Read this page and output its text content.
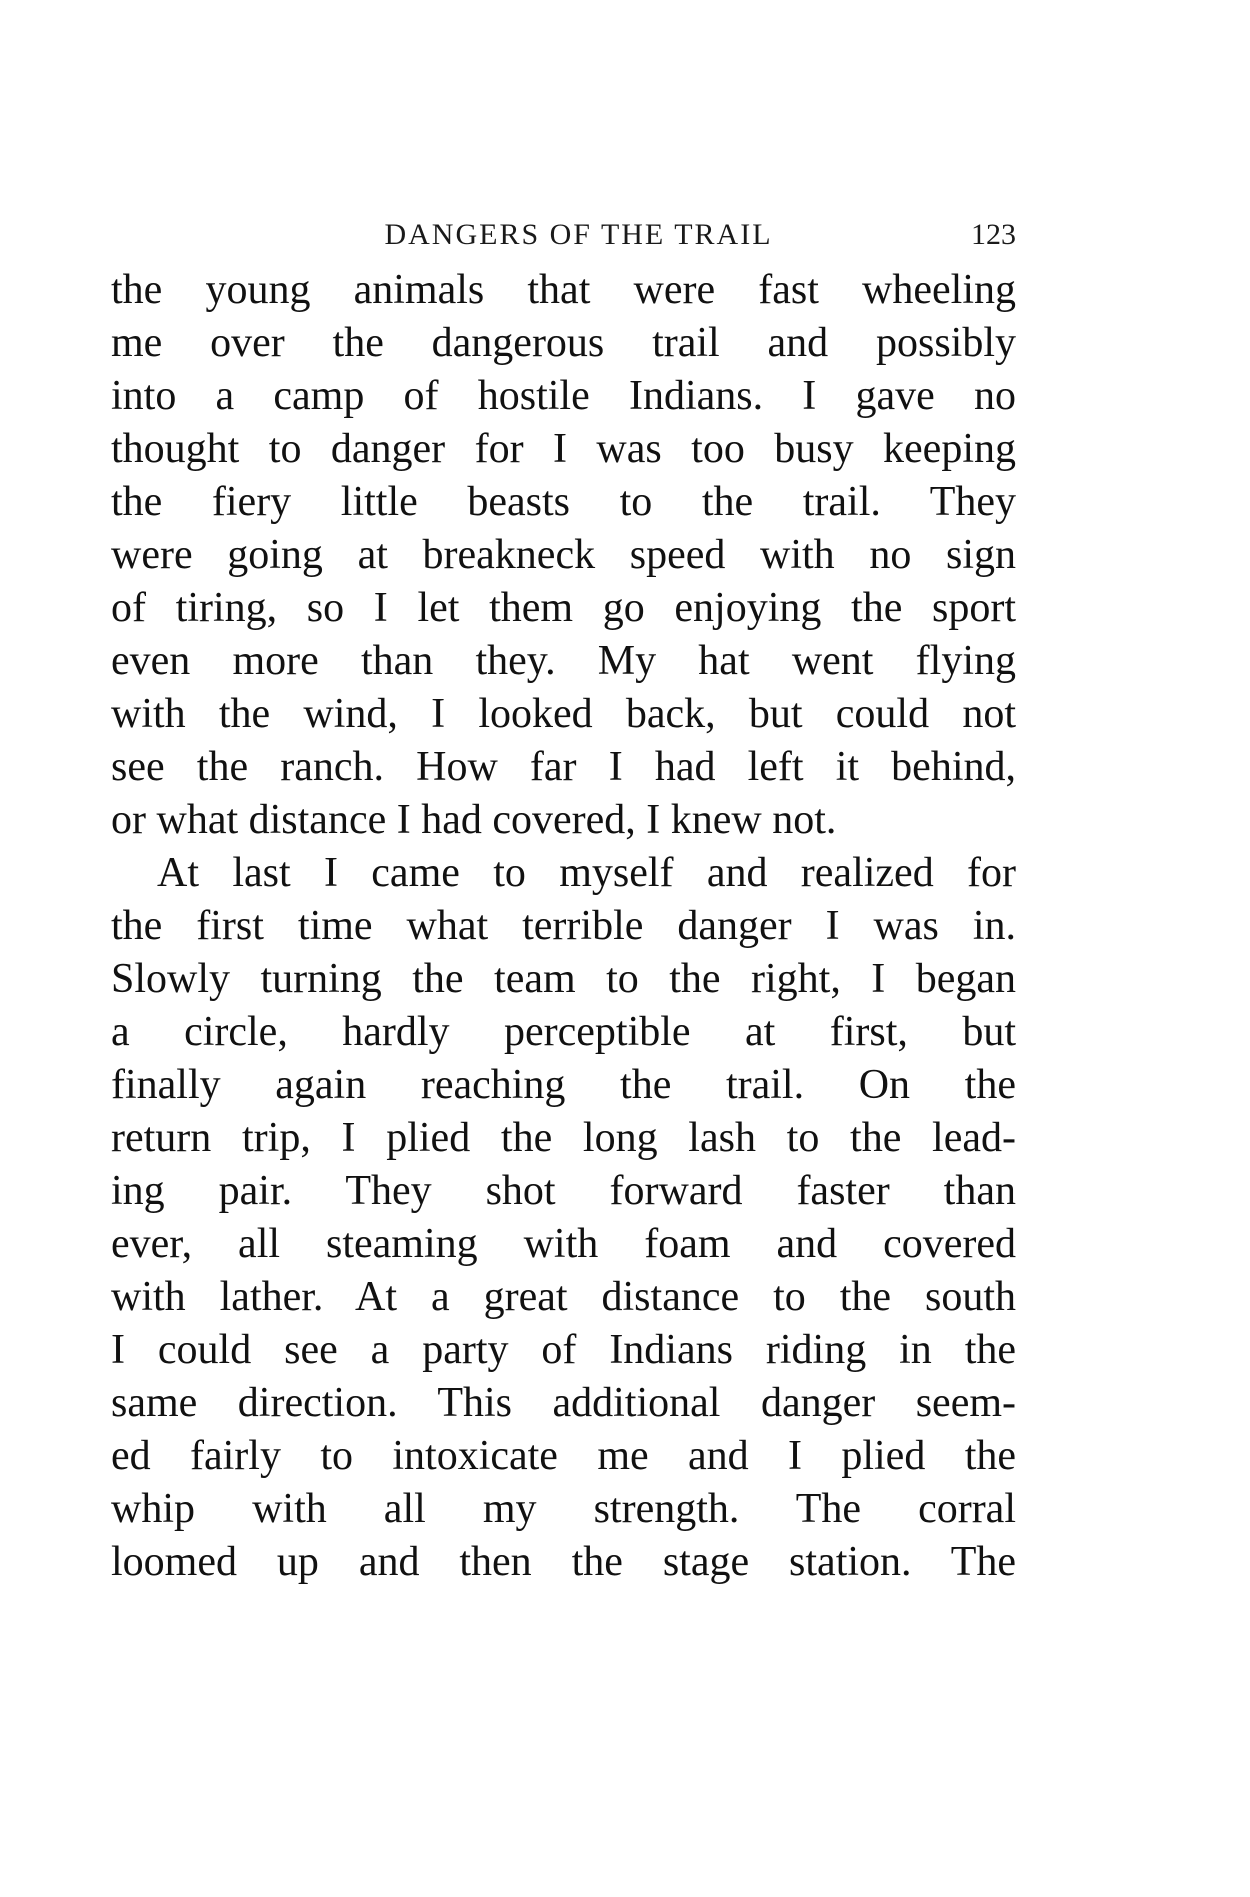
DANGERS OF THE TRAIL	123
the young animals that were fast wheeling
me over the dangerous trail and possibly
into a camp of hostile Indians. I gave no
thought to danger for I was too busy keeping
the fiery little beasts to the trail. They
were going at breakneck speed with no sign
of tiring, so I let them go enjoying the sport
even more than they. My hat went flying
with the wind, I looked back, but could not
see the ranch. How far I had left it behind,
or what distance I had covered, I knew not.
At last I came to myself and realized for
the first time what terrible danger I was in.
Slowly turning the team to the right, I began
a circle, hardly perceptible at first, but
finally again reaching the trail. On the
return trip, I plied the long lash to the lead-
ing pair. They shot forward faster than
ever, all steaming with foam and covered
with lather. At a great distance to the south
I could see a party of Indians riding in the
same direction. This additional danger seem-
ed fairly to intoxicate me and I plied the
whip with all my strength. The corral
loomed up and then the stage station. The
